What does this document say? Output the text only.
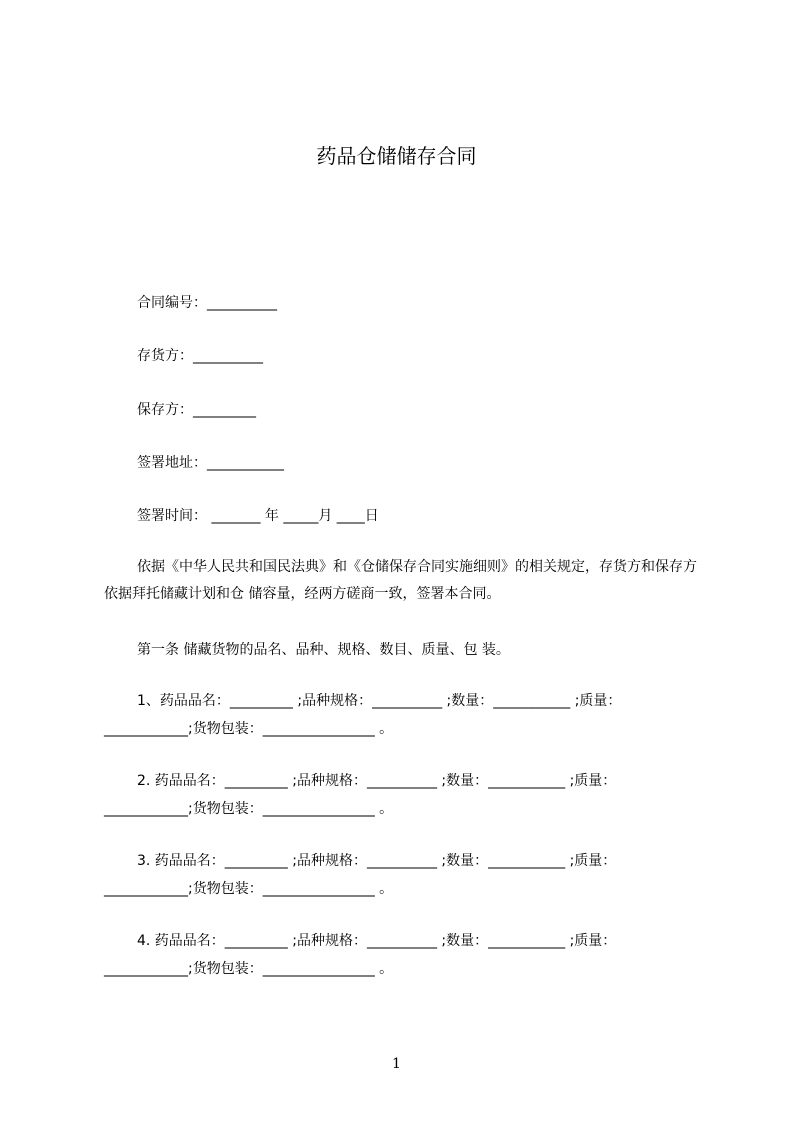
药品仓储储存合同
合同编号：__________
存货方：__________
保存方：_________
签署地址：___________
签署时间： _______ 年 _____月 ____日
依据《中华人民共和国民法典》和《仓储保存合同实施细则》的相关规定，存货方和保存方依据拜托储藏计划和仓 储容量，经两方磋商一致，签署本合同。
第一条 储藏货物的品名、品种、规格、数目、质量、包 装。
1、药品品名：_________ ;品种规格：__________ ;数量：___________ ;质量：____________;货物包装：________________ 。
2. 药品品名：_________ ;品种规格：__________ ;数量：___________ ;质量：____________;货物包装：________________ 。
3. 药品品名：_________ ;品种规格：__________ ;数量：___________ ;质量：____________;货物包装：________________ 。
4. 药品品名：_________ ;品种规格：__________ ;数量：___________ ;质量：____________;货物包装：________________ 。
1
